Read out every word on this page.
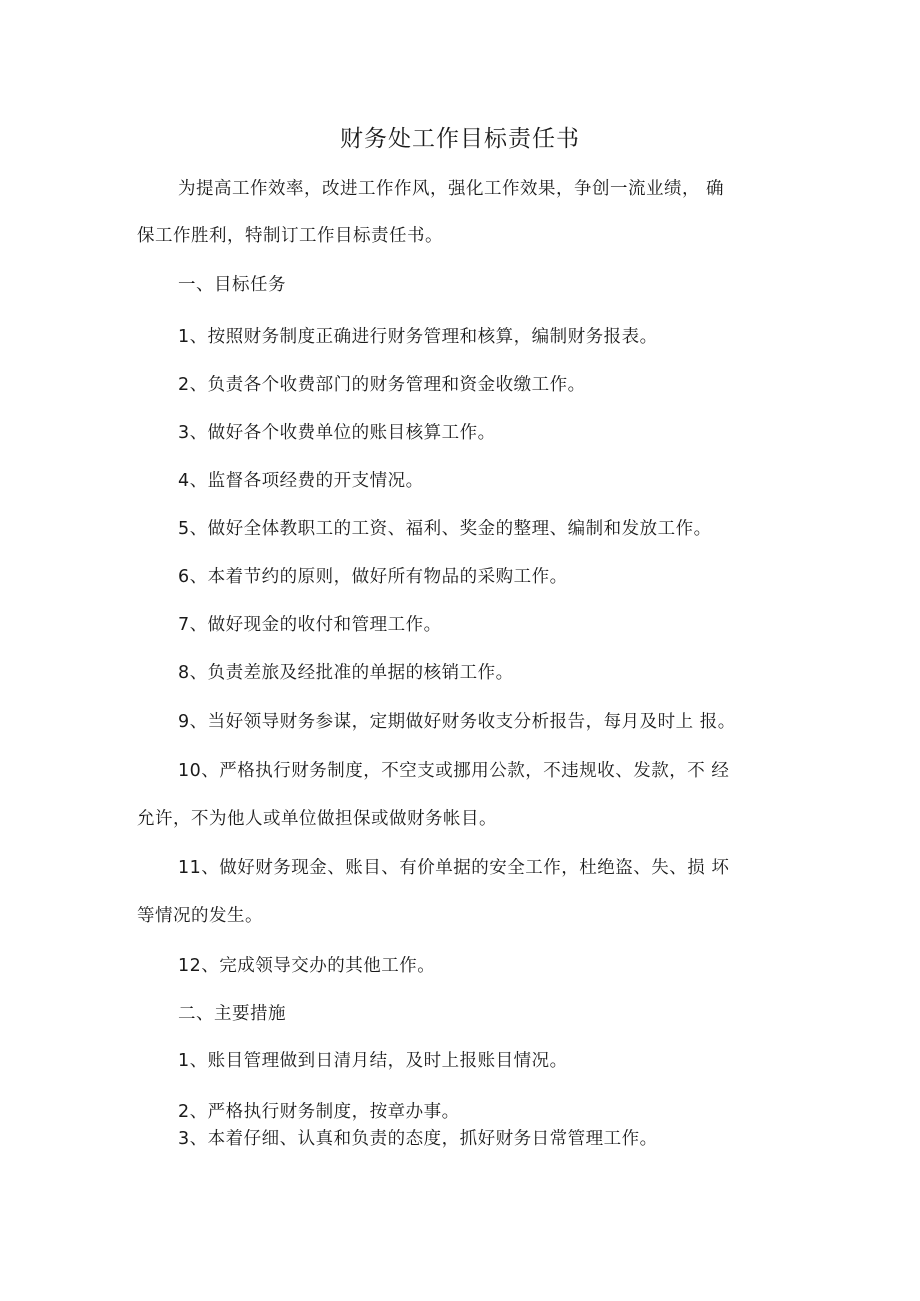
财务处工作目标责任书
为提高工作效率，改进工作作风，强化工作效果，争创一流业绩， 确
保工作胜利，特制订工作目标责任书。
一、目标任务
1、按照财务制度正确进行财务管理和核算，编制财务报表。
2、负责各个收费部门的财务管理和资金收缴工作。
3、做好各个收费单位的账目核算工作。
4、监督各项经费的开支情况。
5、做好全体教职工的工资、福利、奖金的整理、编制和发放工作。
6、本着节约的原则，做好所有物品的采购工作。
7、做好现金的收付和管理工作。
8、负责差旅及经批准的单据的核销工作。
9、当好领导财务参谋，定期做好财务收支分析报告，每月及时上 报。
10、严格执行财务制度，不空支或挪用公款，不违规收、发款，不 经
允许，不为他人或单位做担保或做财务帐目。
11、做好财务现金、账目、有价单据的安全工作，杜绝盗、失、损 坏
等情况的发生。
12、完成领导交办的其他工作。
二、主要措施
1、账目管理做到日清月结，及时上报账目情况。
2、严格执行财务制度，按章办事。
3、本着仔细、认真和负责的态度，抓好财务日常管理工作。
